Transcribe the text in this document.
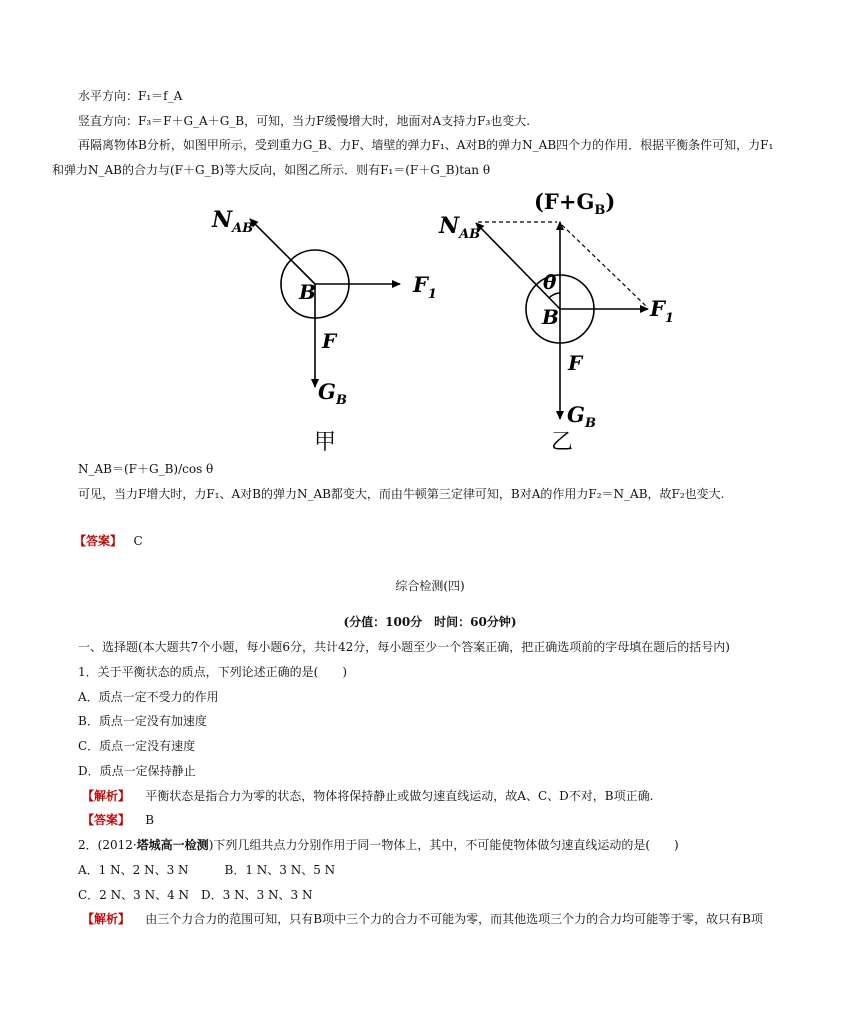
水平方向：F₁＝f_A
竖直方向：F₃＝F＋G_A＋G_B，可知，当力F缓慢增大时，地面对A支持力F₃也变大.
再隔离物体B分析，如图甲所示，受到重力G_B、力F、墙壁的弹力F₁、A对B的弹力N_AB四个力的作用．根据平衡条件可知，力F₁
和弹力N_AB的合力与(F＋G_B)等大反向，如图乙所示．则有F₁＝(F＋G_B)tan θ
$N_{AB}$
B	$F_1$
F
$G_B$
甲
$(F+G_B)$
$N_{AB}$
θ
B	$F_1$
F
$G_B$
乙
N_AB＝(F＋G_B)/cos θ
可见，当力F增大时，力F₁、A对B的弹力N_AB都变大，而由牛顿第三定律可知，B对A的作用力F₂＝N_AB，故F₂也变大.
【答案】 C
综合检测(四)
(分值：100分　时间：60分钟)
一、选择题(本大题共7个小题，每小题6分，共计42分，每小题至少一个答案正确，把正确选项前的字母填在题后的括号内)
1．关于平衡状态的质点，下列论述正确的是(　　)
A．质点一定不受力的作用
B．质点一定没有加速度
C．质点一定没有速度
D．质点一定保持静止
【解析】 平衡状态是指合力为零的状态，物体将保持静止或做匀速直线运动，故A、C、D不对，B项正确.
【答案】 B
2．(2012·塔城高一检测)下列几组共点力分别作用于同一物体上，其中，不可能使物体做匀速直线运动的是(　　)
A．1 N、2 N、3 N　　　B．1 N、3 N、5 N
C．2 N、3 N、4 N　D．3 N、3 N、3 N
【解析】 由三个力合力的范围可知，只有B项中三个力的合力不可能为零，而其他选项三个力的合力均可能等于零，故只有B项
